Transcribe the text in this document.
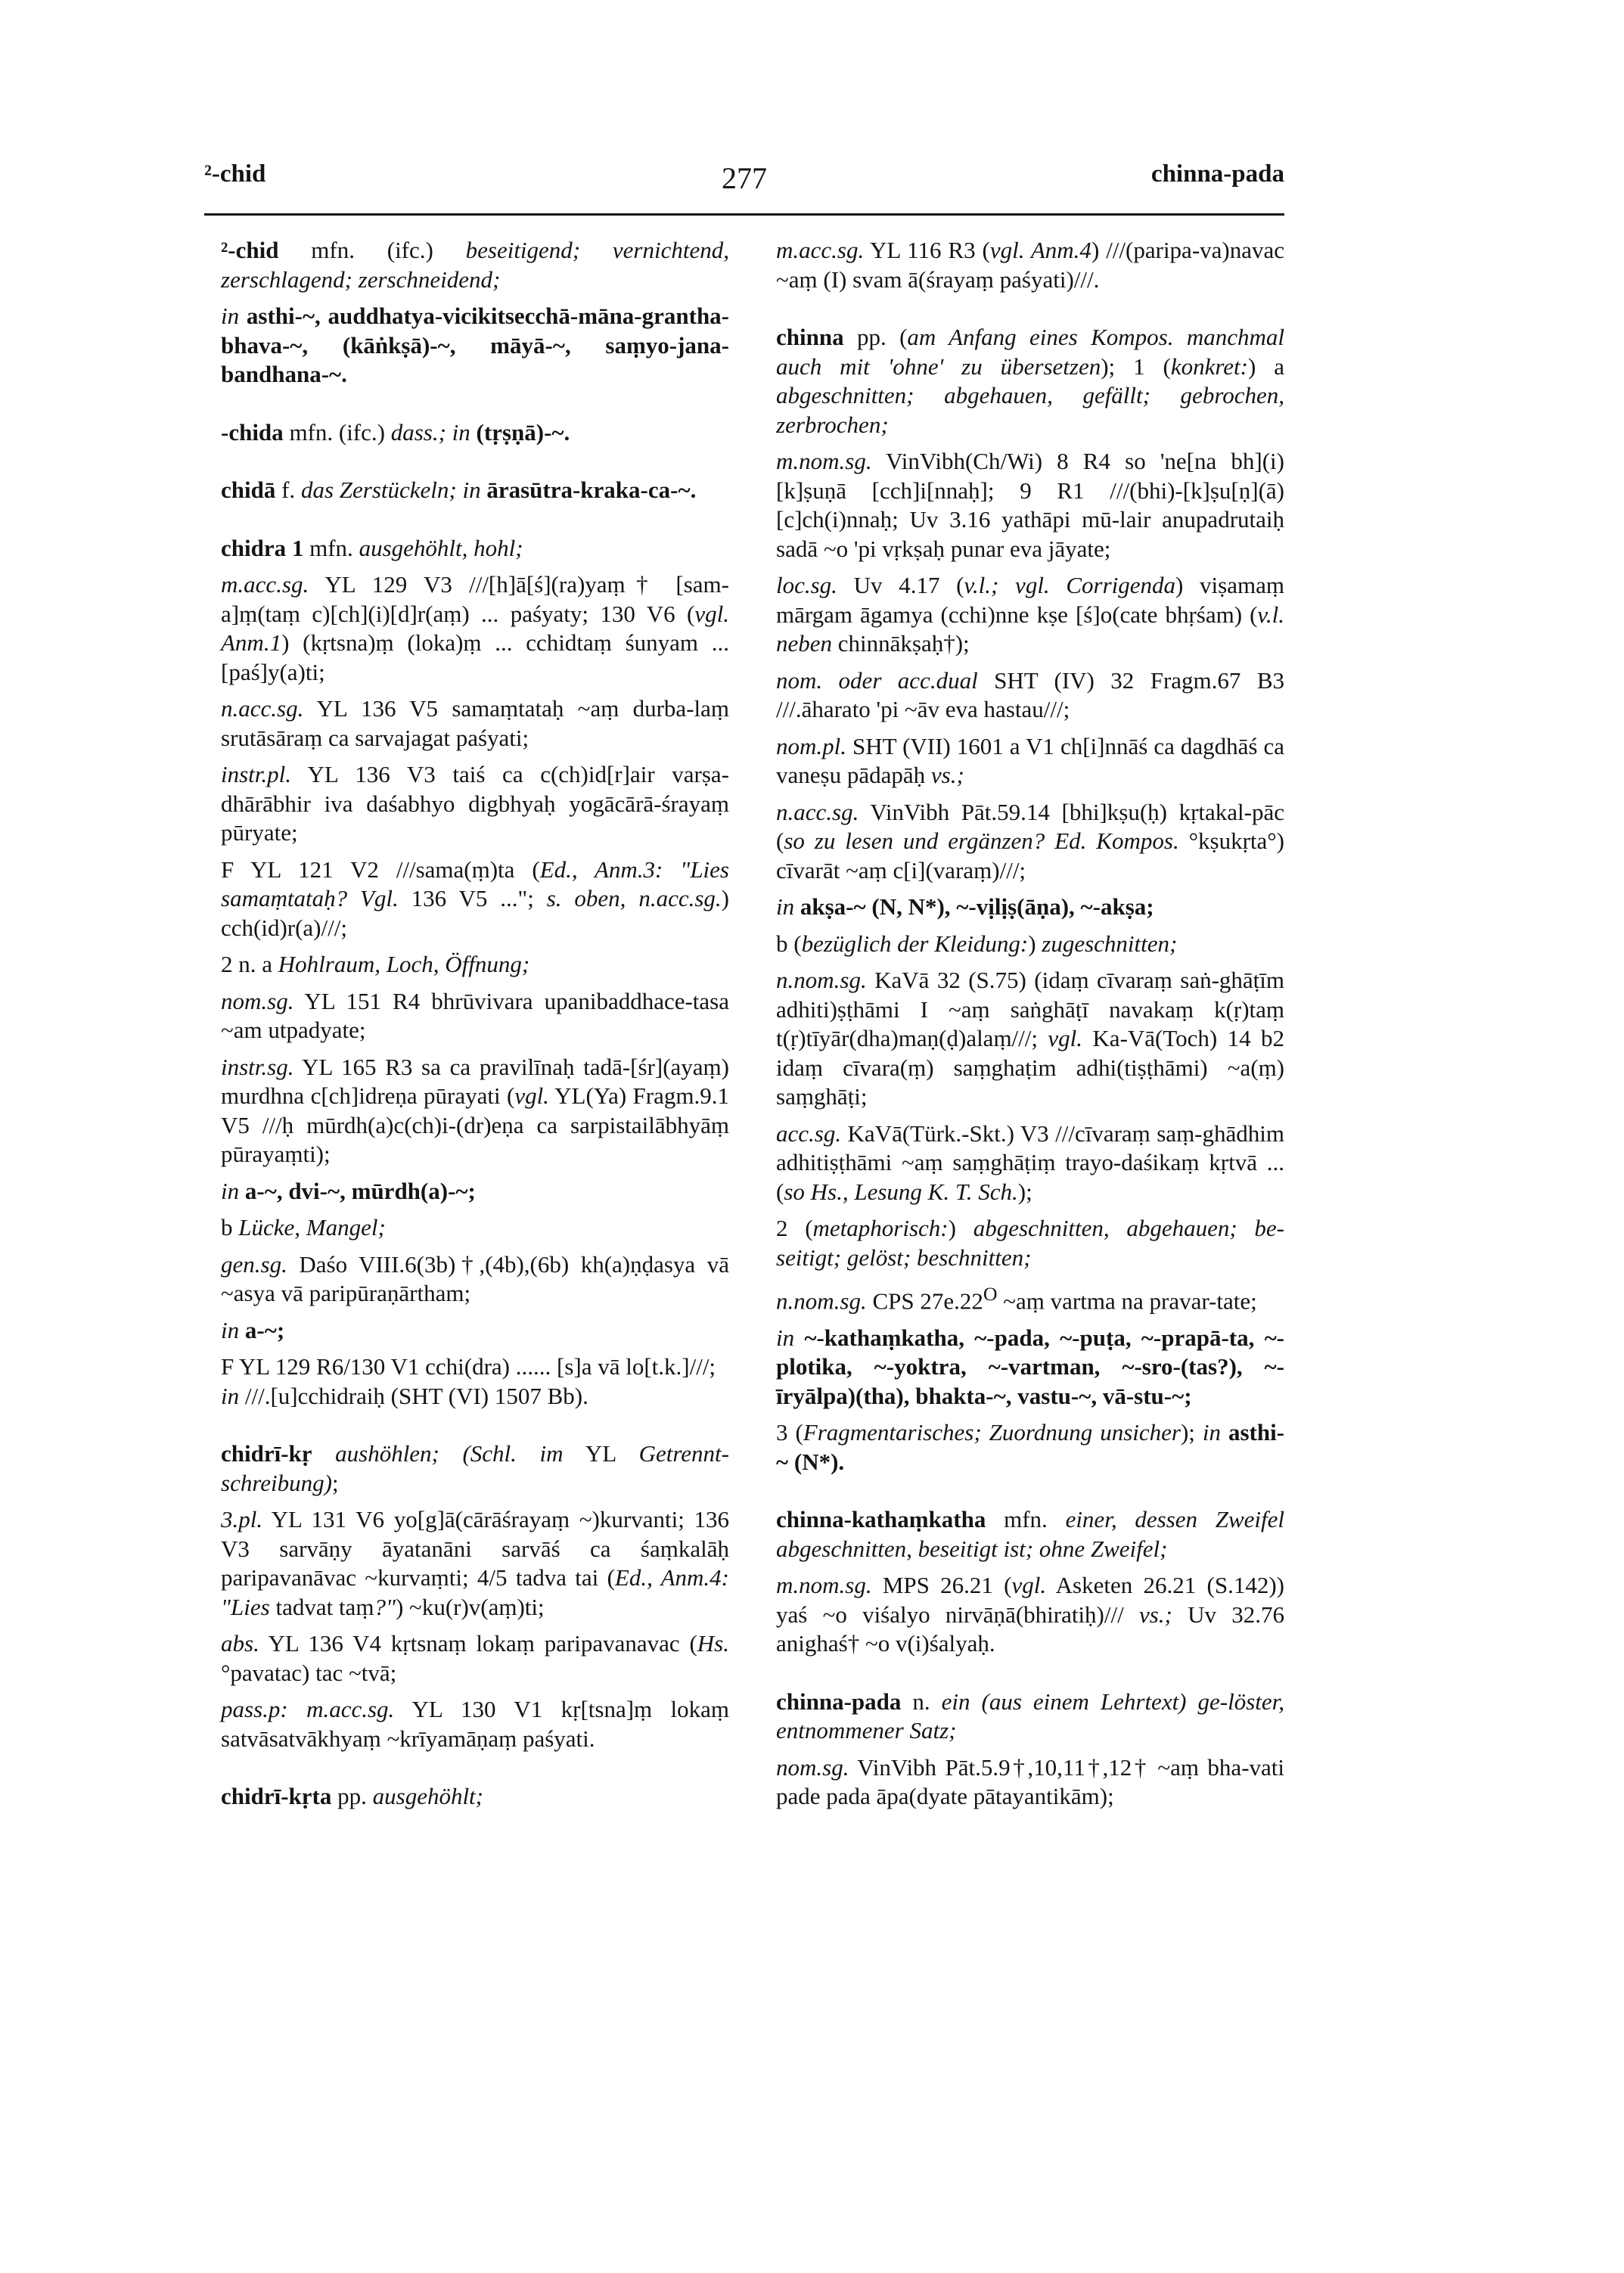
277
²-chid	chinna-pada

²-chid mfn. (ifc.) beseitigend; vernichtend, zerschlagend; zerschneidend;

in asthi-~, auddhatya-vicikitsecchā-māna-grantha-bhava-~, (kāṅkṣā)-~, māyā-~, saṃyo-jana-bandhana-~.

-chida mfn. (ifc.) dass.; in (tṛṣṇā)-~.

chidā f. das Zerstückeln; in ārasūtra-kraka-ca-~.

chidra 1 mfn. ausgehöhlt, hohl;

m.acc.sg. YL 129 V3 ///[h]ā[ś](ra)yaṃ† [sam-a]ṃ(taṃ c)[ch](i)[d]r(aṃ) ... paśyaty; 130 V6 (vgl. Anm.1) (kṛtsna)ṃ (loka)ṃ ... cchidtaṃ śunyam ... [paś]y(a)ti;

n.acc.sg. YL 136 V5 samaṃtataḥ ~aṃ durba-laṃ srutāsāraṃ ca sarvajagat paśyati;

instr.pl. YL 136 V3 taiś ca c(ch)id[r]air varṣa-dhārābhir iva daśabhyo digbhyaḥ yogācārā-śrayaṃ pūryate;

F YL 121 V2 ///sama(ṃ)ta (Ed., Anm.3: "Lies samaṃtataḥ? Vgl. 136 V5 ..."; s. oben, n.acc.sg.) cch(id)r(a)///;

2 n. a Hohlraum, Loch, Öffnung;

nom.sg. YL 151 R4 bhrūvivara upanibaddhace-tasa ~am utpadyate;

instr.sg. YL 165 R3 sa ca pravilīnaḥ tadā-[śr](ayaṃ) murdhna c[ch]idreṇa pūrayati (vgl. YL(Ya) Fragm.9.1 V5 ///ḥ mūrdh(a)c(ch)i-(dr)eṇa ca sarpistailābhyāṃ pūrayaṃti);

in a-~, dvi-~, mūrdh(a)-~;

b Lücke, Mangel;

gen.sg. Daśo VIII.6(3b)†,(4b),(6b) kh(a)ṇḍasya vā ~asya vā paripūraṇārtham;

in a-~;

F YL 129 R6/130 V1 cchi(dra) ...... [s]a vā lo[t.k.]///;
in ///.[u]cchidraiḥ (SHT (VI) 1507 Bb).

chidrī-kṛ aushöhlen; (Schl. im YL Getrennt-schreibung);

3.pl. YL 131 V6 yo[g]ā(cārāśrayaṃ ~)kurvanti; 136 V3 sarvāṇy āyatanāni sarvāś ca śaṃkalāḥ paripavanāvac ~kurvaṃti; 4/5 tadva tai (Ed., Anm.4: "Lies tadvat taṃ?") ~ku(r)v(aṃ)ti;

abs. YL 136 V4 kṛtsnaṃ lokaṃ paripavanavac (Hs. °pavatac) tac ~tvā;

pass.p: m.acc.sg. YL 130 V1 kṛ[tsna]ṃ lokaṃ satvāsatvākhyaṃ ~krīyamāṇaṃ paśyati.

chidrī-kṛta pp. ausgehöhlt;

m.acc.sg. YL 116 R3 (vgl. Anm.4) ///(paripa-va)navac ~aṃ (I) svam ā(śrayaṃ paśyati)///.

chinna pp. (am Anfang eines Kompos. manchmal auch mit 'ohne' zu übersetzen); 1 (konkret:) a abgeschnitten; abgehauen, gefällt; gebrochen, zerbrochen;

m.nom.sg. VinVibh(Ch/Wi) 8 R4 so 'ne[na bh](i)[k]ṣuṇā [cch]i[nnaḥ]; 9 R1 ///(bhi)-[k]ṣu[ṇ](ā) [c]ch(i)nnaḥ; Uv 3.16 yathāpi mū-lair anupadrutaiḥ sadā ~o 'pi vṛkṣaḥ punar eva jāyate;

loc.sg. Uv 4.17 (v.l.; vgl. Corrigenda) viṣamaṃ mārgam āgamya (cchi)nne kṣe [ś]o(cate bhṛśam) (v.l. neben chinnākṣaḥ†);

nom. oder acc.dual SHT (IV) 32 Fragm.67 B3 ///.āharato 'pi ~āv eva hastau///;

nom.pl. SHT (VII) 1601 a V1 ch[i]nnāś ca dagdhāś ca vaneṣu pādapāḥ vs.;

n.acc.sg. VinVibh Pāt.59.14 [bhi]kṣu(ḥ) kṛtakal-pāc (so zu lesen und ergänzen? Ed. Kompos. °kṣukṛta°) cīvarāt ~aṃ c[i](varaṃ)///;

in akṣa-~ (N, N*), ~-vịlịṣ(āṇa), ~-akṣa;

b (bezüglich der Kleidung:) zugeschnitten;

n.nom.sg. KaVā 32 (S.75) (idaṃ cīvaraṃ saṅ-ghāṭīm adhiti)ṣṭhāmi I ~aṃ saṅghāṭī navakaṃ k(ṛ)taṃ t(ṛ)tīyār(dha)maṇ(ḍ)alaṃ///; vgl. Ka-Vā(Toch) 14 b2 idaṃ cīvara(ṃ) saṃghaṭim adhi(tiṣṭhāmi) ~a(ṃ) saṃghāṭi;

acc.sg. KaVā(Türk.-Skt.) V3 ///cīvaraṃ saṃ-ghādhim adhitiṣṭhāmi ~aṃ saṃghāṭiṃ trayo-daśikaṃ kṛtvā ... (so Hs., Lesung K. T. Sch.);

2 (metaphorisch:) abgeschnitten, abgehauen; be-seitigt; gelöst; beschnitten;

n.nom.sg. CPS $27e.22^O$ ~aṃ vartma na pravar-tate;

in ~-kathaṃkatha, ~-pada, ~-puṭa, ~-prapā-ta, ~-plotika, ~-yoktra, ~-vartman, ~-sro-(tas?), ~-īryālpa)(tha), bhakta-~, vastu-~, vā-stu-~;

3 (Fragmentarisches; Zuordnung unsicher); in asthi-~ (N*).

chinna-kathaṃkatha mfn. einer, dessen Zweifel abgeschnitten, beseitigt ist; ohne Zweifel;

m.nom.sg. MPS 26.21 (vgl. Asketen 26.21 (S.142)) yaś ~o viśalyo nirvāṇā(bhiratiḥ)/// vs.; Uv 32.76 anighaś† ~o v(i)śalyaḥ.

chinna-pada n. ein (aus einem Lehrtext) ge-löster, entnommener Satz;

nom.sg. VinVibh Pāt.5.9†,10,11†,12† ~aṃ bha-vati pade pada āpa(dyate pātayantikām);
